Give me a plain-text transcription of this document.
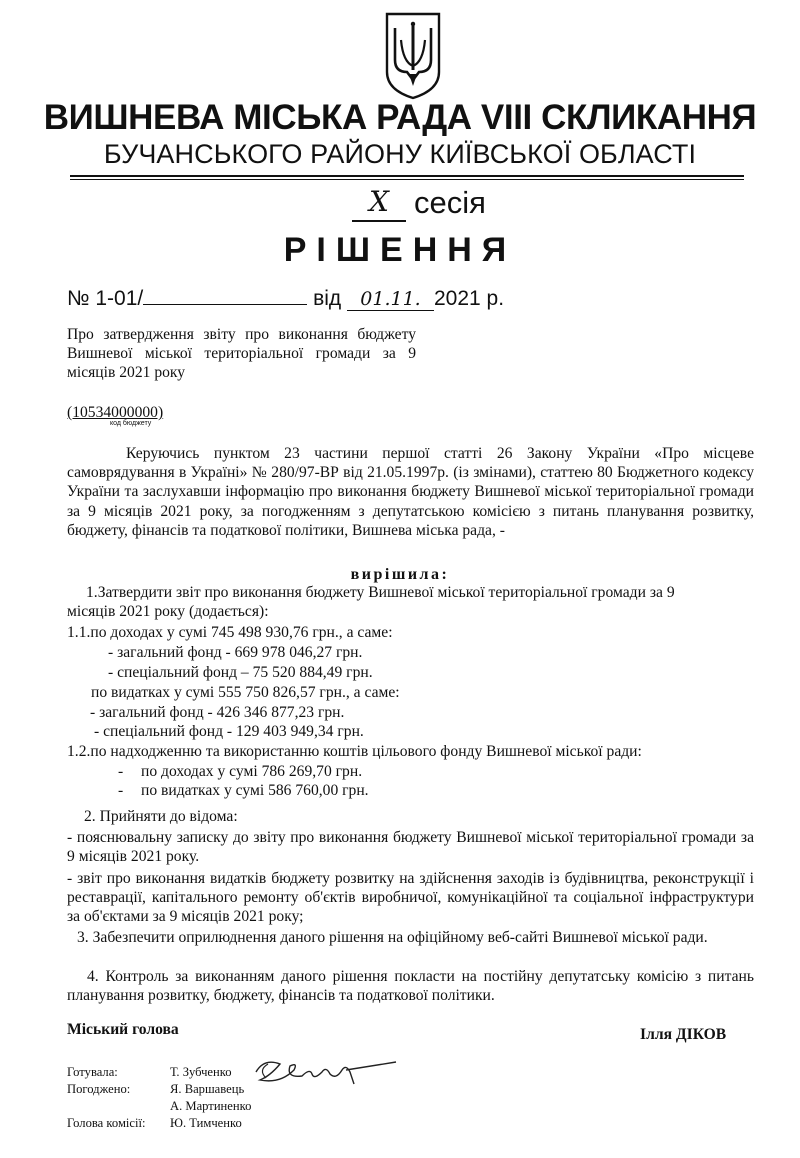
ВИШНЕВА МІСЬКА РАДА VIII СКЛИКАННЯ
БУЧАНСЬКОГО РАЙОНУ КИЇВСЬКОЇ ОБЛАСТІ
X сесія
РІШЕННЯ
№ 1-01/	від 01.11. 2021 р.
Про затвердження звіту про виконання бюджету Вишневої міської територіальної громади за 9 місяців 2021 року
(10534000000)
код бюджету
Керуючись пунктом 23 частини першої статті 26 Закону України «Про місцеве самоврядування в Україні» № 280/97-ВР від 21.05.1997р. (із змінами), статтею 80 Бюджетного кодексу України та заслухавши інформацію про виконання бюджету Вишневої міської територіальної громади за 9 місяців 2021 року, за погодженням з депутатською комісією з питань планування розвитку, бюджету, фінансів та податкової політики, Вишнева міська рада, -
вирішила:
1.Затвердити звіт про виконання бюджету Вишневої міської територіальної громади за 9
місяців 2021 року (додається):
1.1.по доходах у сумі 745 498 930,76 грн., а саме:
- загальний фонд - 669 978 046,27 грн.
- спеціальний фонд – 75 520 884,49 грн.
по видатках у сумі 555 750 826,57 грн., а саме:
- загальний фонд - 426 346 877,23 грн.
- спеціальний фонд - 129 403 949,34 грн.
1.2.по надходженню та використанню коштів цільового фонду Вишневої міської ради:
- по доходах у сумі 786 269,70 грн.
- по видатках у сумі 586 760,00 грн.
2. Прийняти до відома:
- пояснювальну записку до звіту про виконання бюджету Вишневої міської територіальної громади за 9 місяців 2021 року.
- звіт про виконання видатків бюджету розвитку на здійснення заходів із будівництва, реконструкції і реставрації, капітального ремонту об'єктів виробничої, комунікаційної та соціальної інфраструктури за об'єктами за 9 місяців 2021 року;
3. Забезпечити оприлюднення даного рішення на офіційному веб-сайті Вишневої міської ради.
4. Контроль за виконанням даного рішення покласти на постійну депутатську комісію з питань планування розвитку, бюджету, фінансів та податкової політики.
Міський голова	Ілля ДІКОВ
Готувала:	Т. Зубченко
Погоджено:	Я. Варшавець
А. Мартиненко
Голова комісії: Ю. Тимченко
